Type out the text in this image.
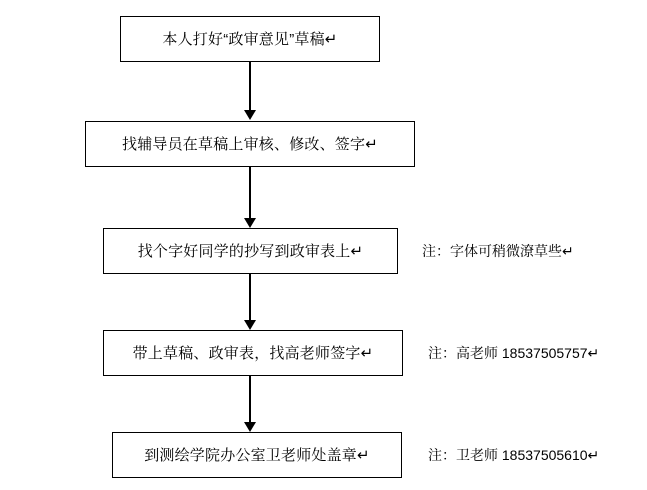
本人打好“政审意见”草稿↵
找辅导员在草稿上审核、修改、签字↵
找个字好同学的抄写到政审表上↵	注：字体可稍微潦草些↵
带上草稿、政审表，找高老师签字↵	注：高老师 18537505757↵
到测绘学院办公室卫老师处盖章↵	注：卫老师 18537505610↵
